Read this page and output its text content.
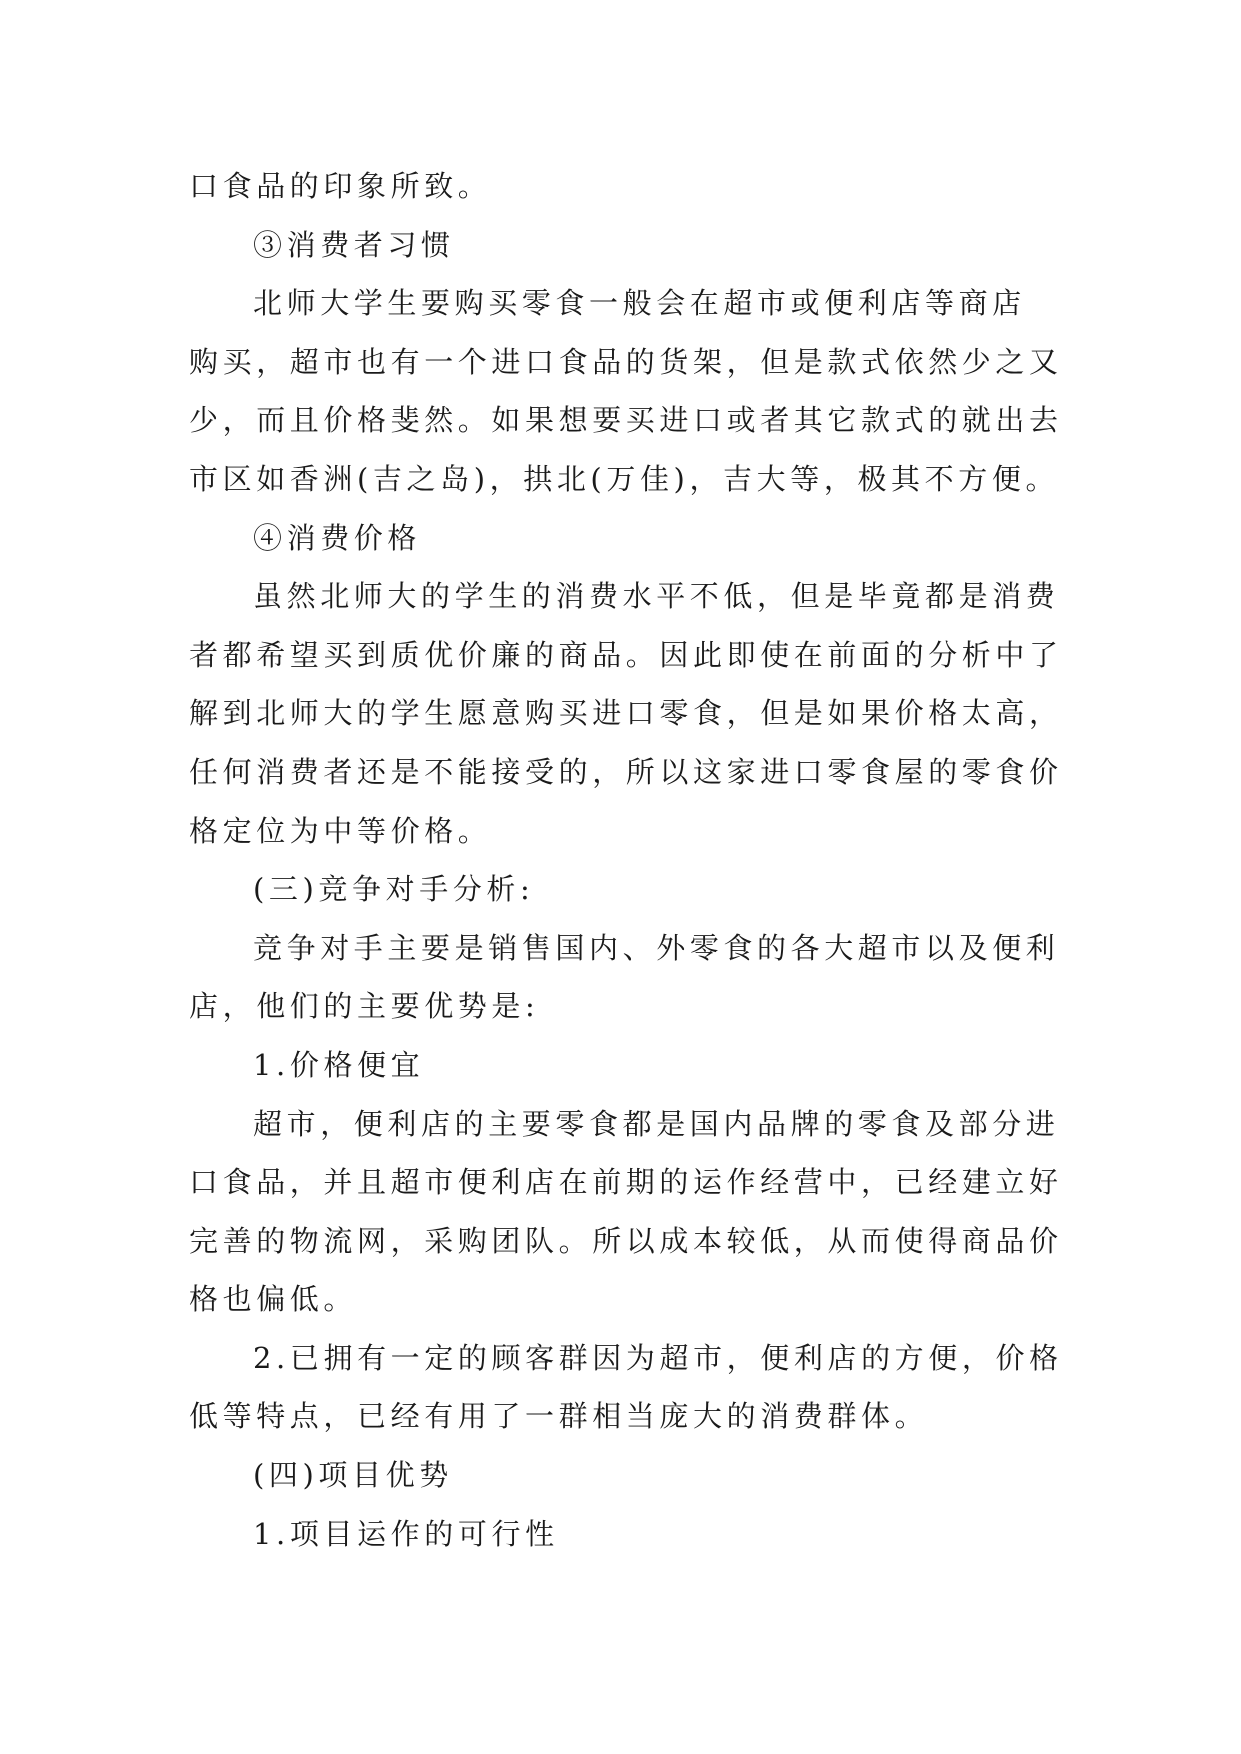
口食品的印象所致。
③消费者习惯
北师大学生要购买零食一般会在超市或便利店等商店
购买，超市也有一个进口食品的货架，但是款式依然少之又
少，而且价格斐然。如果想要买进口或者其它款式的就出去
市区如香洲(吉之岛)，拱北(万佳)，吉大等，极其不方便。
④消费价格
虽然北师大的学生的消费水平不低，但是毕竟都是消费
者都希望买到质优价廉的商品。因此即使在前面的分析中了
解到北师大的学生愿意购买进口零食，但是如果价格太高，
任何消费者还是不能接受的，所以这家进口零食屋的零食价
格定位为中等价格。
(三)竞争对手分析:
竞争对手主要是销售国内、外零食的各大超市以及便利
店，他们的主要优势是:
1.价格便宜
超市，便利店的主要零食都是国内品牌的零食及部分进
口食品，并且超市便利店在前期的运作经营中，已经建立好
完善的物流网，采购团队。所以成本较低，从而使得商品价
格也偏低。
2.已拥有一定的顾客群因为超市，便利店的方便，价格
低等特点，已经有用了一群相当庞大的消费群体。
(四)项目优势
1.项目运作的可行性
